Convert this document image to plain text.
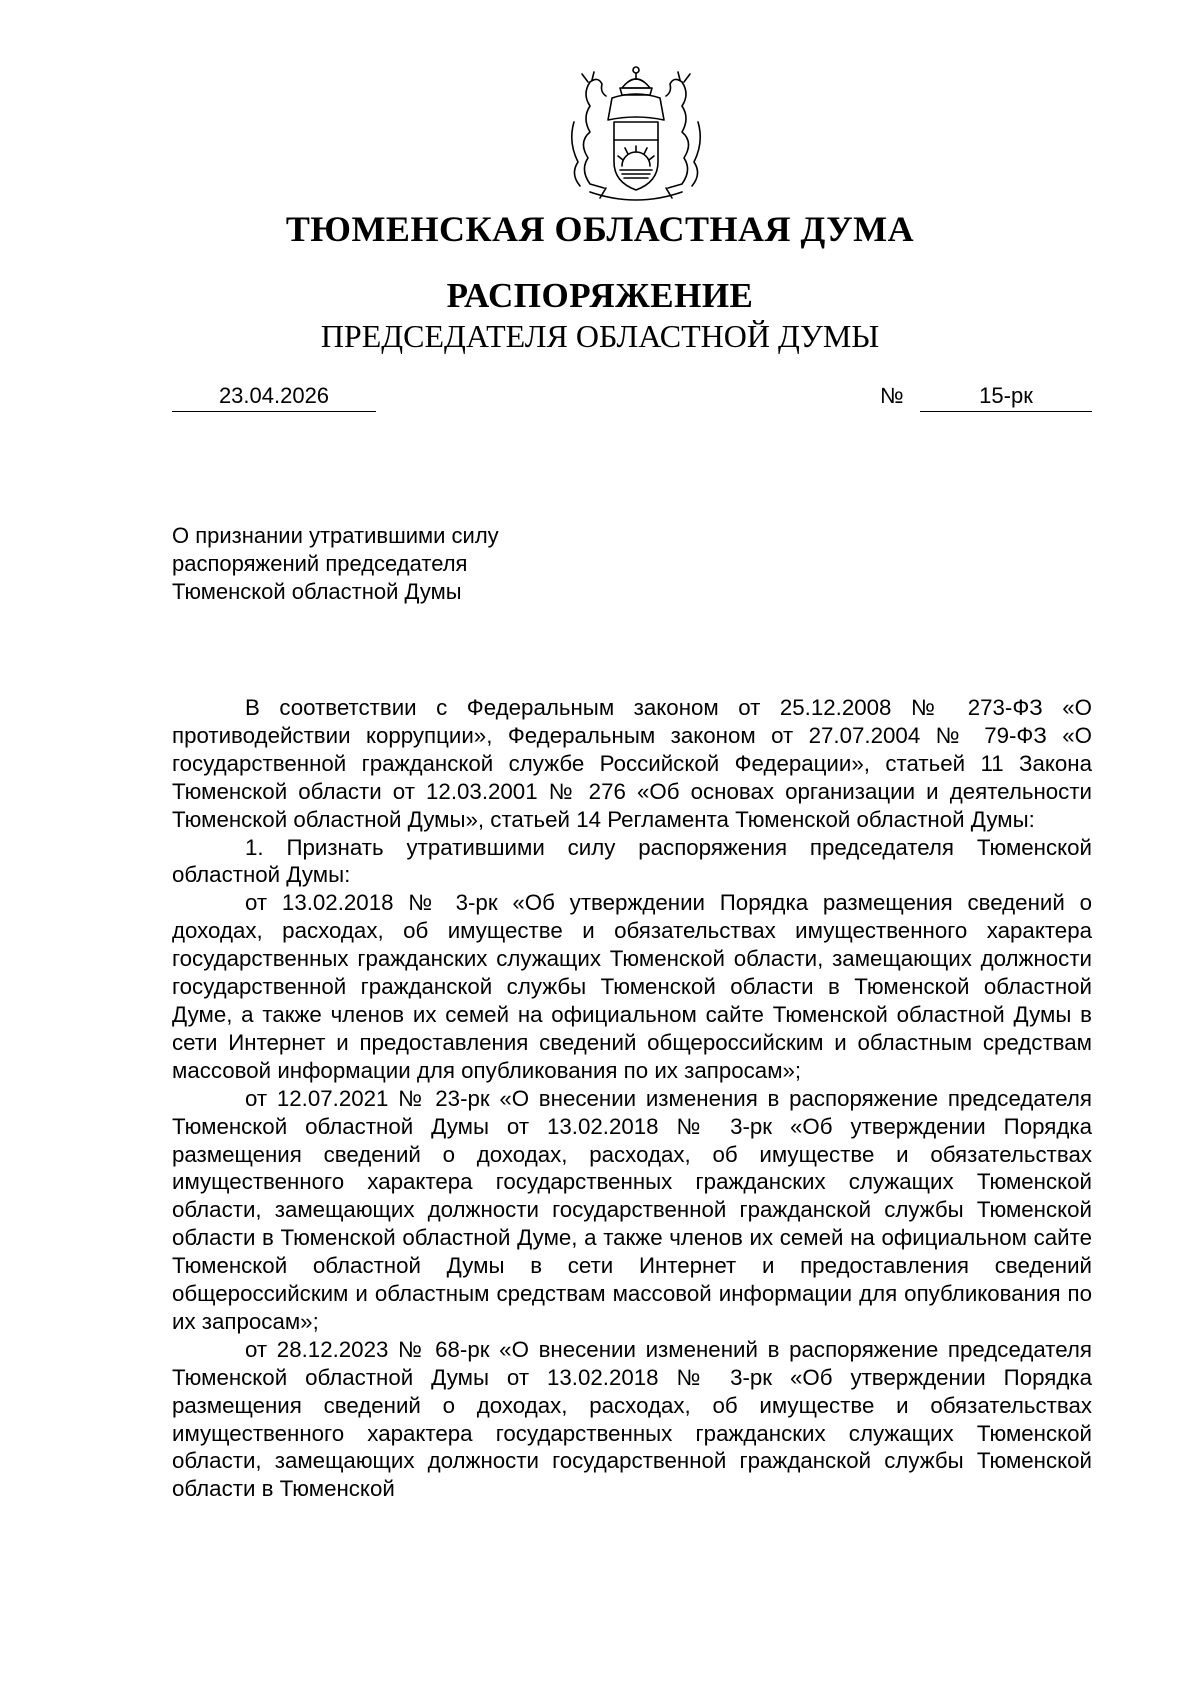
ТЮМЕНСКАЯ ОБЛАСТНАЯ ДУМА
РАСПОРЯЖЕНИЕ
ПРЕДСЕДАТЕЛЯ ОБЛАСТНОЙ ДУМЫ
23.04.2026	№	15-рк
О признании утратившими силу
распоряжений председателя
Тюменской областной Думы

В соответствии с Федеральным законом от 25.12.2008 № 273-ФЗ «О противодействии коррупции», Федеральным законом от 27.07.2004 № 79-ФЗ «О государственной гражданской службе Российской Федерации», статьей 11 Закона Тюменской области от 12.03.2001 № 276 «Об основах организации и деятельности Тюменской областной Думы», статьей 14 Регламента Тюменской областной Думы:

1. Признать утратившими силу распоряжения председателя Тюменской областной Думы:

от 13.02.2018 № 3-рк «Об утверждении Порядка размещения сведений о доходах, расходах, об имуществе и обязательствах имущественного характера государственных гражданских служащих Тюменской области, замещающих должности государственной гражданской службы Тюменской области в Тюменской областной Думе, а также членов их семей на официальном сайте Тюменской областной Думы в сети Интернет и предоставления сведений общероссийским и областным средствам массовой информации для опубликования по их запросам»;

от 12.07.2021 № 23-рк «О внесении изменения в распоряжение председателя Тюменской областной Думы от 13.02.2018 № 3-рк «Об утверждении Порядка размещения сведений о доходах, расходах, об имуществе и обязательствах имущественного характера государственных гражданских служащих Тюменской области, замещающих должности государственной гражданской службы Тюменской области в Тюменской областной Думе, а также членов их семей на официальном сайте Тюменской областной Думы в сети Интернет и предоставления сведений общероссийским и областным средствам массовой информации для опубликования по их запросам»;

от 28.12.2023 № 68-рк «О внесении изменений в распоряжение председателя Тюменской областной Думы от 13.02.2018 № 3-рк «Об утверждении Порядка размещения сведений о доходах, расходах, об имуществе и обязательствах имущественного характера государственных гражданских служащих Тюменской области, замещающих должности государственной гражданской службы Тюменской области в Тюменской
